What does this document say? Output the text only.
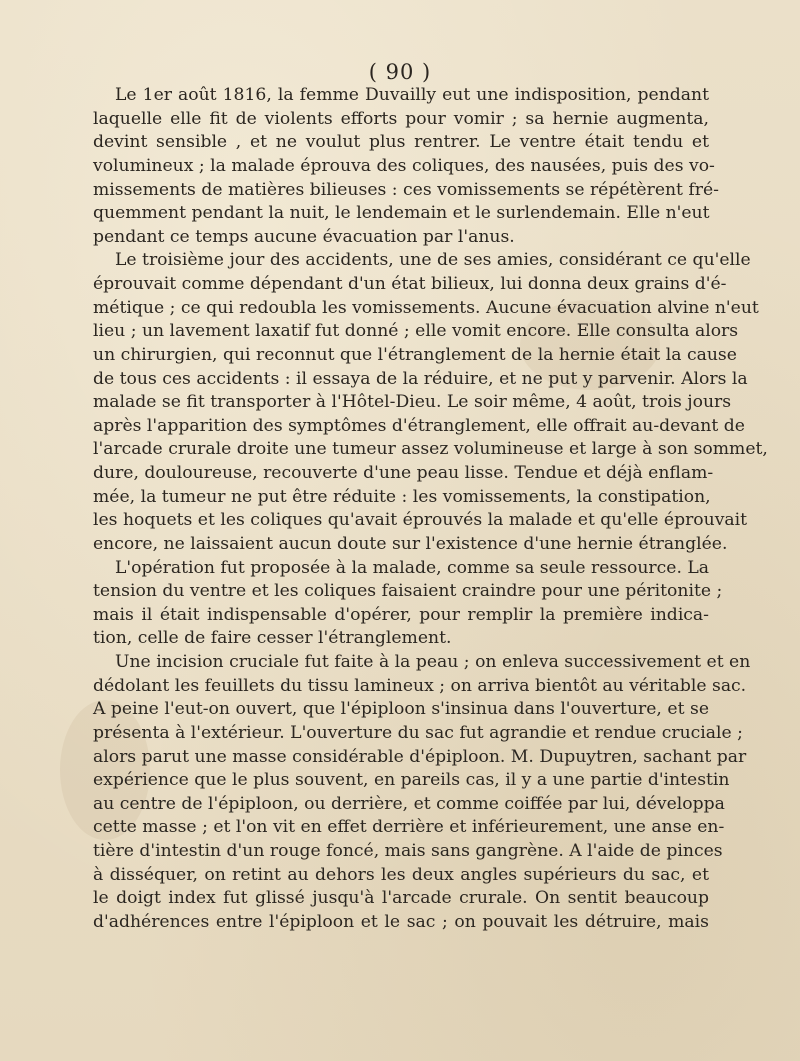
( 90 )
Le 1er août 1816, la femme Duvailly eut une indisposition, pendant
laquelle elle fit de violents efforts pour vomir ; sa hernie augmenta,
devint sensible , et ne voulut plus rentrer. Le ventre était tendu et
volumineux ; la malade éprouva des coliques, des nausées, puis des vo-
missements de matières bilieuses : ces vomissements se répétèrent fré-
quemment pendant la nuit, le lendemain et le surlendemain. Elle n'eut
pendant ce temps aucune évacuation par l'anus.
Le troisième jour des accidents, une de ses amies, considérant ce qu'elle
éprouvait comme dépendant d'un état bilieux, lui donna deux grains d'é-
métique ; ce qui redoubla les vomissements. Aucune évacuation alvine n'eut
lieu ; un lavement laxatif fut donné ; elle vomit encore. Elle consulta alors
un chirurgien, qui reconnut que l'étranglement de la hernie était la cause
de tous ces accidents : il essaya de la réduire, et ne put y parvenir. Alors la
malade se fit transporter à l'Hôtel-Dieu. Le soir même, 4 août, trois jours
après l'apparition des symptômes d'étranglement, elle offrait au-devant de
l'arcade crurale droite une tumeur assez volumineuse et large à son sommet,
dure, douloureuse, recouverte d'une peau lisse. Tendue et déjà enflam-
mée, la tumeur ne put être réduite : les vomissements, la constipation,
les hoquets et les coliques qu'avait éprouvés la malade et qu'elle éprouvait
encore, ne laissaient aucun doute sur l'existence d'une hernie étranglée.
L'opération fut proposée à la malade, comme sa seule ressource. La
tension du ventre et les coliques faisaient craindre pour une péritonite ;
mais il était indispensable d'opérer, pour remplir la première indica-
tion, celle de faire cesser l'étranglement.
Une incision cruciale fut faite à la peau ; on enleva successivement et en
dédolant les feuillets du tissu lamineux ; on arriva bientôt au véritable sac.
A peine l'eut-on ouvert, que l'épiploon s'insinua dans l'ouverture, et se
présenta à l'extérieur. L'ouverture du sac fut agrandie et rendue cruciale ;
alors parut une masse considérable d'épiploon. M. Dupuytren, sachant par
expérience que le plus souvent, en pareils cas, il y a une partie d'intestin
au centre de l'épiploon, ou derrière, et comme coiffée par lui, développa
cette masse ; et l'on vit en effet derrière et inférieurement, une anse en-
tière d'intestin d'un rouge foncé, mais sans gangrène. A l'aide de pinces
à disséquer, on retint au dehors les deux angles supérieurs du sac, et
le doigt index fut glissé jusqu'à l'arcade crurale. On sentit beaucoup
d'adhérences entre l'épiploon et le sac ; on pouvait les détruire, mais
